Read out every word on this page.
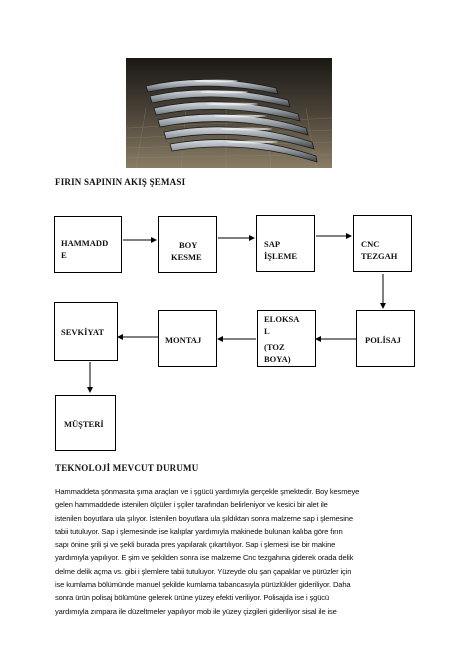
FIRIN SAPININ AKIŞ ŞEMASI
HAMMADD
E
BOY
KESME
SAP
İŞLEME
CNC
TEZGAH
POLİSAJ
ELOKSA
L
(TOZ
BOYA)
MONTAJ
SEVKİYAT
MÜŞTERİ
TEKNOLOJİ MEVCUT DURUMU
Hammaddeta şönmasıta şıma araçları ve i şgücü yardımıyla gerçekle şmektedir. Boy kesmeye
gelen hammaddede istenilen ölçüler i şçiler tarafından belirleniyor ve kesici bir alet ile
istenilen boyutlara ula şılıyor. İstenilen boyutlara ula şıldıktan sonra malzeme sap i şlemesine
tabii tutuluyor. Sap i şlemesinde ise kalıplar yardımıyla makinede bulunan kalıba göre fırın
sapı önine şrili şi ve şekli burada pres yapılarak çıkartılıyor. Sap i şlemesi ise bir makine
yardımıyla yapılıyor. E şim ve şekilden sonra ise malzeme Cnc tezgahına giderek orada delik
delme delik açma vs. gibi i şlemlere tabii tutuluyor. Yüzeyde olu şan çapaklar ve pürüzler için
ise kumlama bölümünde manuel şekilde kumlama tabancasıyla pürüzlükler gideriliyor. Daha
sonra ürün polisaj bölümüne gelerek ürüne yüzey efekti veriliyor. Polisajda ise i şgücü
yardımıyla zımpara ile düzeltmeler yapılıyor mob ile yüzey çizgileri gideriliyor sisal ile ise
